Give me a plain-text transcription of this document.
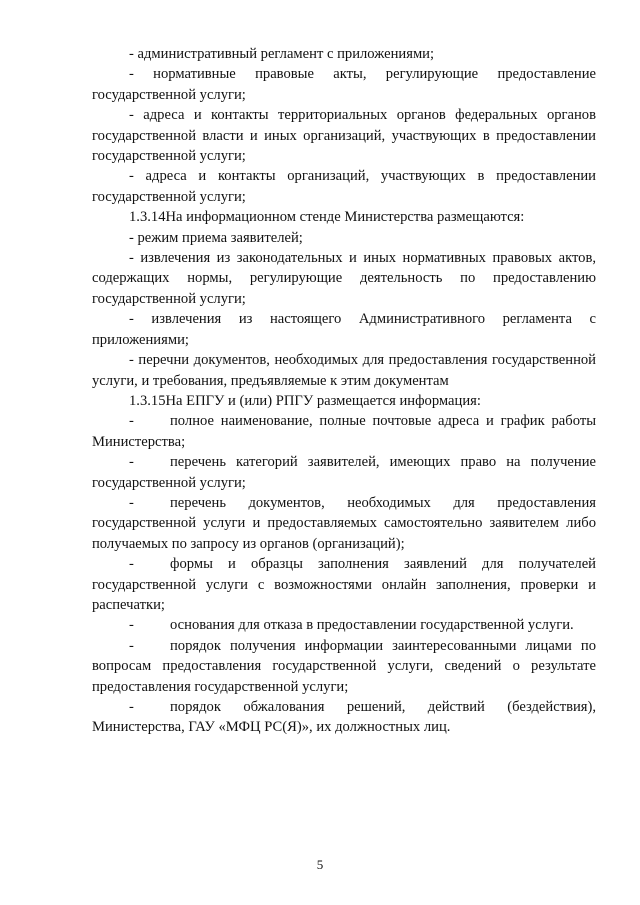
- административный регламент с приложениями;

- нормативные правовые акты, регулирующие предоставление государственной услуги;

- адреса и контакты территориальных органов федеральных органов государственной власти и иных организаций, участвующих в предоставлении государственной услуги;

- адреса и контакты организаций, участвующих в предоставлении государственной услуги;

1.3.14На информационном стенде Министерства размещаются:

- режим приема заявителей;

- извлечения из законодательных и иных нормативных правовых актов, содержащих нормы, регулирующие деятельность по предоставлению государственной услуги;

- извлечения из настоящего Административного регламента с приложениями;

- перечни документов, необходимых для предоставления государственной услуги, и требования, предъявляемые к этим документам

1.3.15На ЕПГУ и (или) РПГУ размещается информация:

-	полное наименование, полные почтовые адреса и график работы
Министерства;
-	перечень категорий заявителей, имеющих право на получение
государственной услуги;
-	перечень документов, необходимых для предоставления
государственной услуги и предоставляемых самостоятельно заявителем либо получаемых по запросу из органов (организаций);
-	формы и образцы заполнения заявлений для получателей
государственной услуги с возможностями онлайн заполнения, проверки и распечатки;
-	основания для отказа в предоставлении государственной услуги.
-	порядок получения информации заинтересованными лицами по
вопросам предоставления государственной услуги, сведений о результате предоставления государственной услуги;
-	порядок обжалования решений, действий (бездействия),
Министерства, ГАУ «МФЦ РС(Я)», их должностных лиц.
5
